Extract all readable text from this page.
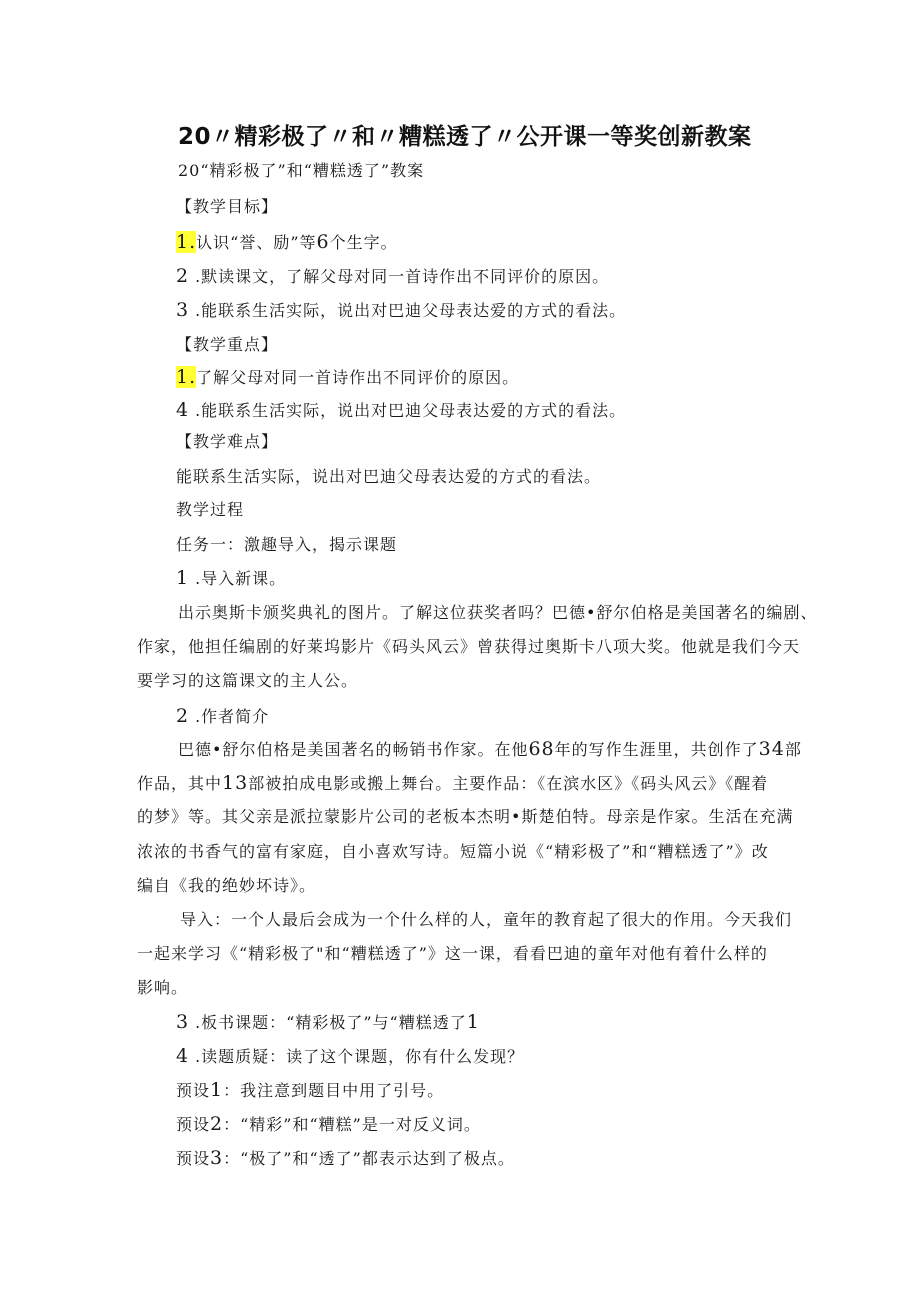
20〃精彩极了〃和〃糟糕透了〃公开课一等奖创新教案
20“精彩极了”和“糟糕透了”教案
【教学目标】
1.认识“誉、励”等6个生字。
2 .默读课文，了解父母对同一首诗作出不同评价的原因。
3 .能联系生活实际，说出对巴迪父母表达爱的方式的看法。
【教学重点】
1.了解父母对同一首诗作出不同评价的原因。
4 .能联系生活实际，说出对巴迪父母表达爱的方式的看法。
【教学难点】
能联系生活实际，说出对巴迪父母表达爱的方式的看法。
教学过程
任务一：激趣导入，揭示课题
1 .导入新课。
出示奥斯卡颁奖典礼的图片。了解这位获奖者吗？巴德•舒尔伯格是美国著名的编剧、
作家，他担任编剧的好莱坞影片《码头风云》曾获得过奥斯卡八项大奖。他就是我们今天
要学习的这篇课文的主人公。
2 .作者简介
巴德•舒尔伯格是美国著名的畅销书作家。在他68年的写作生涯里，共创作了34部
作品，其中13部被拍成电影或搬上舞台。主要作品：《在滨水区》《码头风云》《醒着
的梦》等。其父亲是派拉蒙影片公司的老板本杰明•斯楚伯特。母亲是作家。生活在充满
浓浓的书香气的富有家庭，自小喜欢写诗。短篇小说《“精彩极了”和“糟糕透了”》改
编自《我的绝妙坏诗》。
导入：一个人最后会成为一个什么样的人，童年的教育起了很大的作用。今天我们
一起来学习《“精彩极了"和“糟糕透了”》这一课，看看巴迪的童年对他有着什么样的
影响。
3 .板书课题：“精彩极了”与“糟糕透了1
4 .读题质疑：读了这个课题，你有什么发现？
预设1：我注意到题目中用了引号。
预设2：“精彩”和“糟糕”是一对反义词。
预设3：“极了”和“透了”都表示达到了极点。
